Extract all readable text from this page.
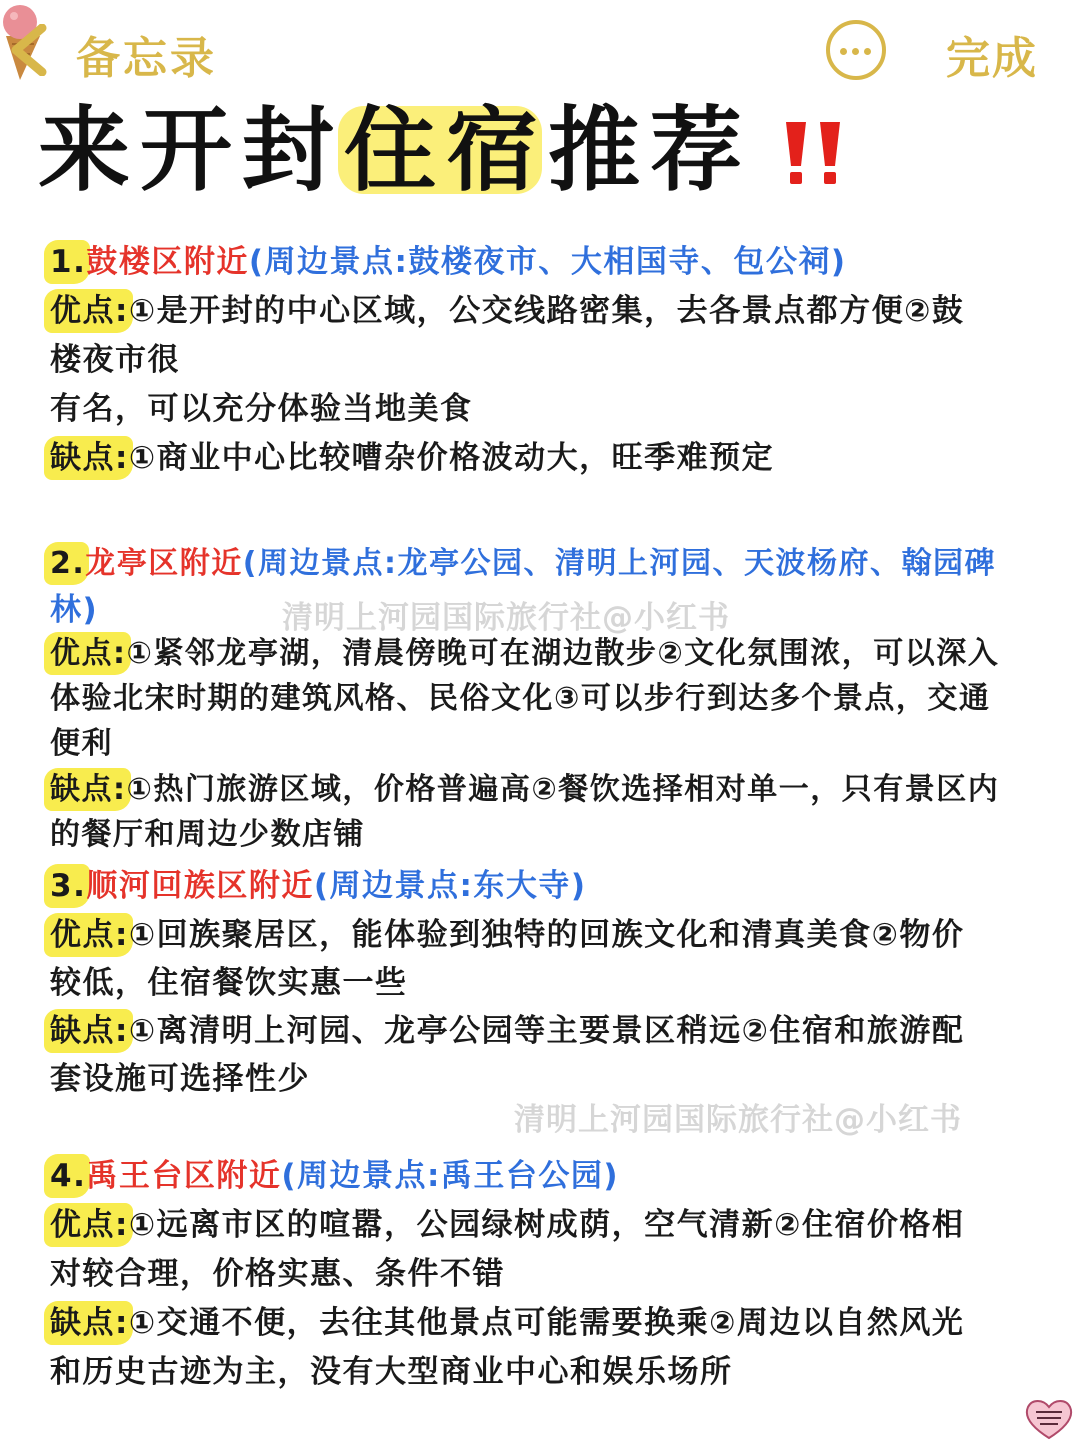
备忘录	完成
来开封住宿推荐
1.鼓楼区附近(周边景点:鼓楼夜市、大相国寺、包公祠)
优点:①是开封的中心区域，公交线路密集，去各景点都方便②鼓
楼夜市很
有名，可以充分体验当地美食
缺点:①商业中心比较嘈杂价格波动大，旺季难预定
2.龙亭区附近(周边景点:龙亭公园、清明上河园、天波杨府、翰园碑
林)	清明上河园国际旅行社@小红书
优点:①紧邻龙亭湖，清晨傍晚可在湖边散步②文化氛围浓，可以深入
体验北宋时期的建筑风格、民俗文化③可以步行到达多个景点，交通
便利
缺点:①热门旅游区域，价格普遍高②餐饮选择相对单一，只有景区内
的餐厅和周边少数店铺
3.顺河回族区附近(周边景点:东大寺)
优点:①回族聚居区，能体验到独特的回族文化和清真美食②物价
较低，住宿餐饮实惠一些
缺点:①离清明上河园、龙亭公园等主要景区稍远②住宿和旅游配
套设施可选择性少
清明上河园国际旅行社@小红书
4.禹王台区附近(周边景点:禹王台公园)
优点:①远离市区的喧嚣，公园绿树成荫，空气清新②住宿价格相
对较合理，价格实惠、条件不错
缺点:①交通不便，去往其他景点可能需要换乘②周边以自然风光
和历史古迹为主，没有大型商业中心和娱乐场所
